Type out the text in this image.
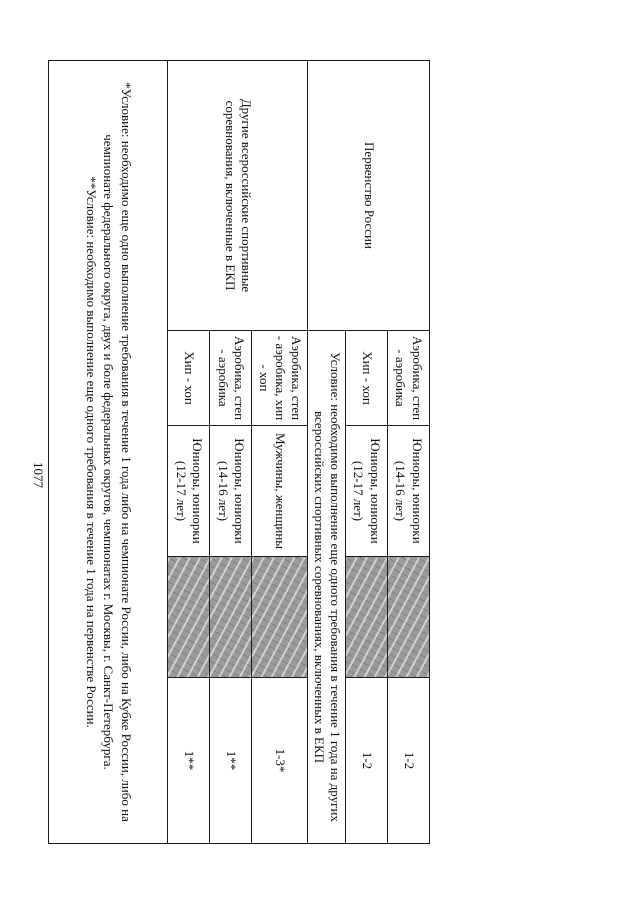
1077
Первенство России	Аэробика, степ - аэробика	Юниоры, юниорки (14-16 лет)		1-2
	Хип - хоп	Юниоры, юниорки (12-17 лет)		1-2
	Условие: необходимо выполнение еще одного требования в течение 1 года на других всероссийских спортивных соревнованиях, включенных в ЕКП			
Другие всероссийские спортивные соревнования, включенные в ЕКП	Аэробика, степ - аэробика, хип - хоп	Мужчины, женщины		1-3*
	Аэробика, степ - аэробика	Юниоры, юниорки (14-16 лет)		1**
	Хип - хоп	Юниоры, юниорки (12-17 лет)		1**

*Условие: необходимо еще одно выполнение требования в течение 1 года либо на чемпионате России, либо на Кубке России, либо на чемпионате федерального округа, двух и боле федеральных округов, чемпионатах г. Москвы, г. Санкт-Петербурга.
**Условие: необходимо выполнение еще одного требования в течение 1 года на первенстве России.				
